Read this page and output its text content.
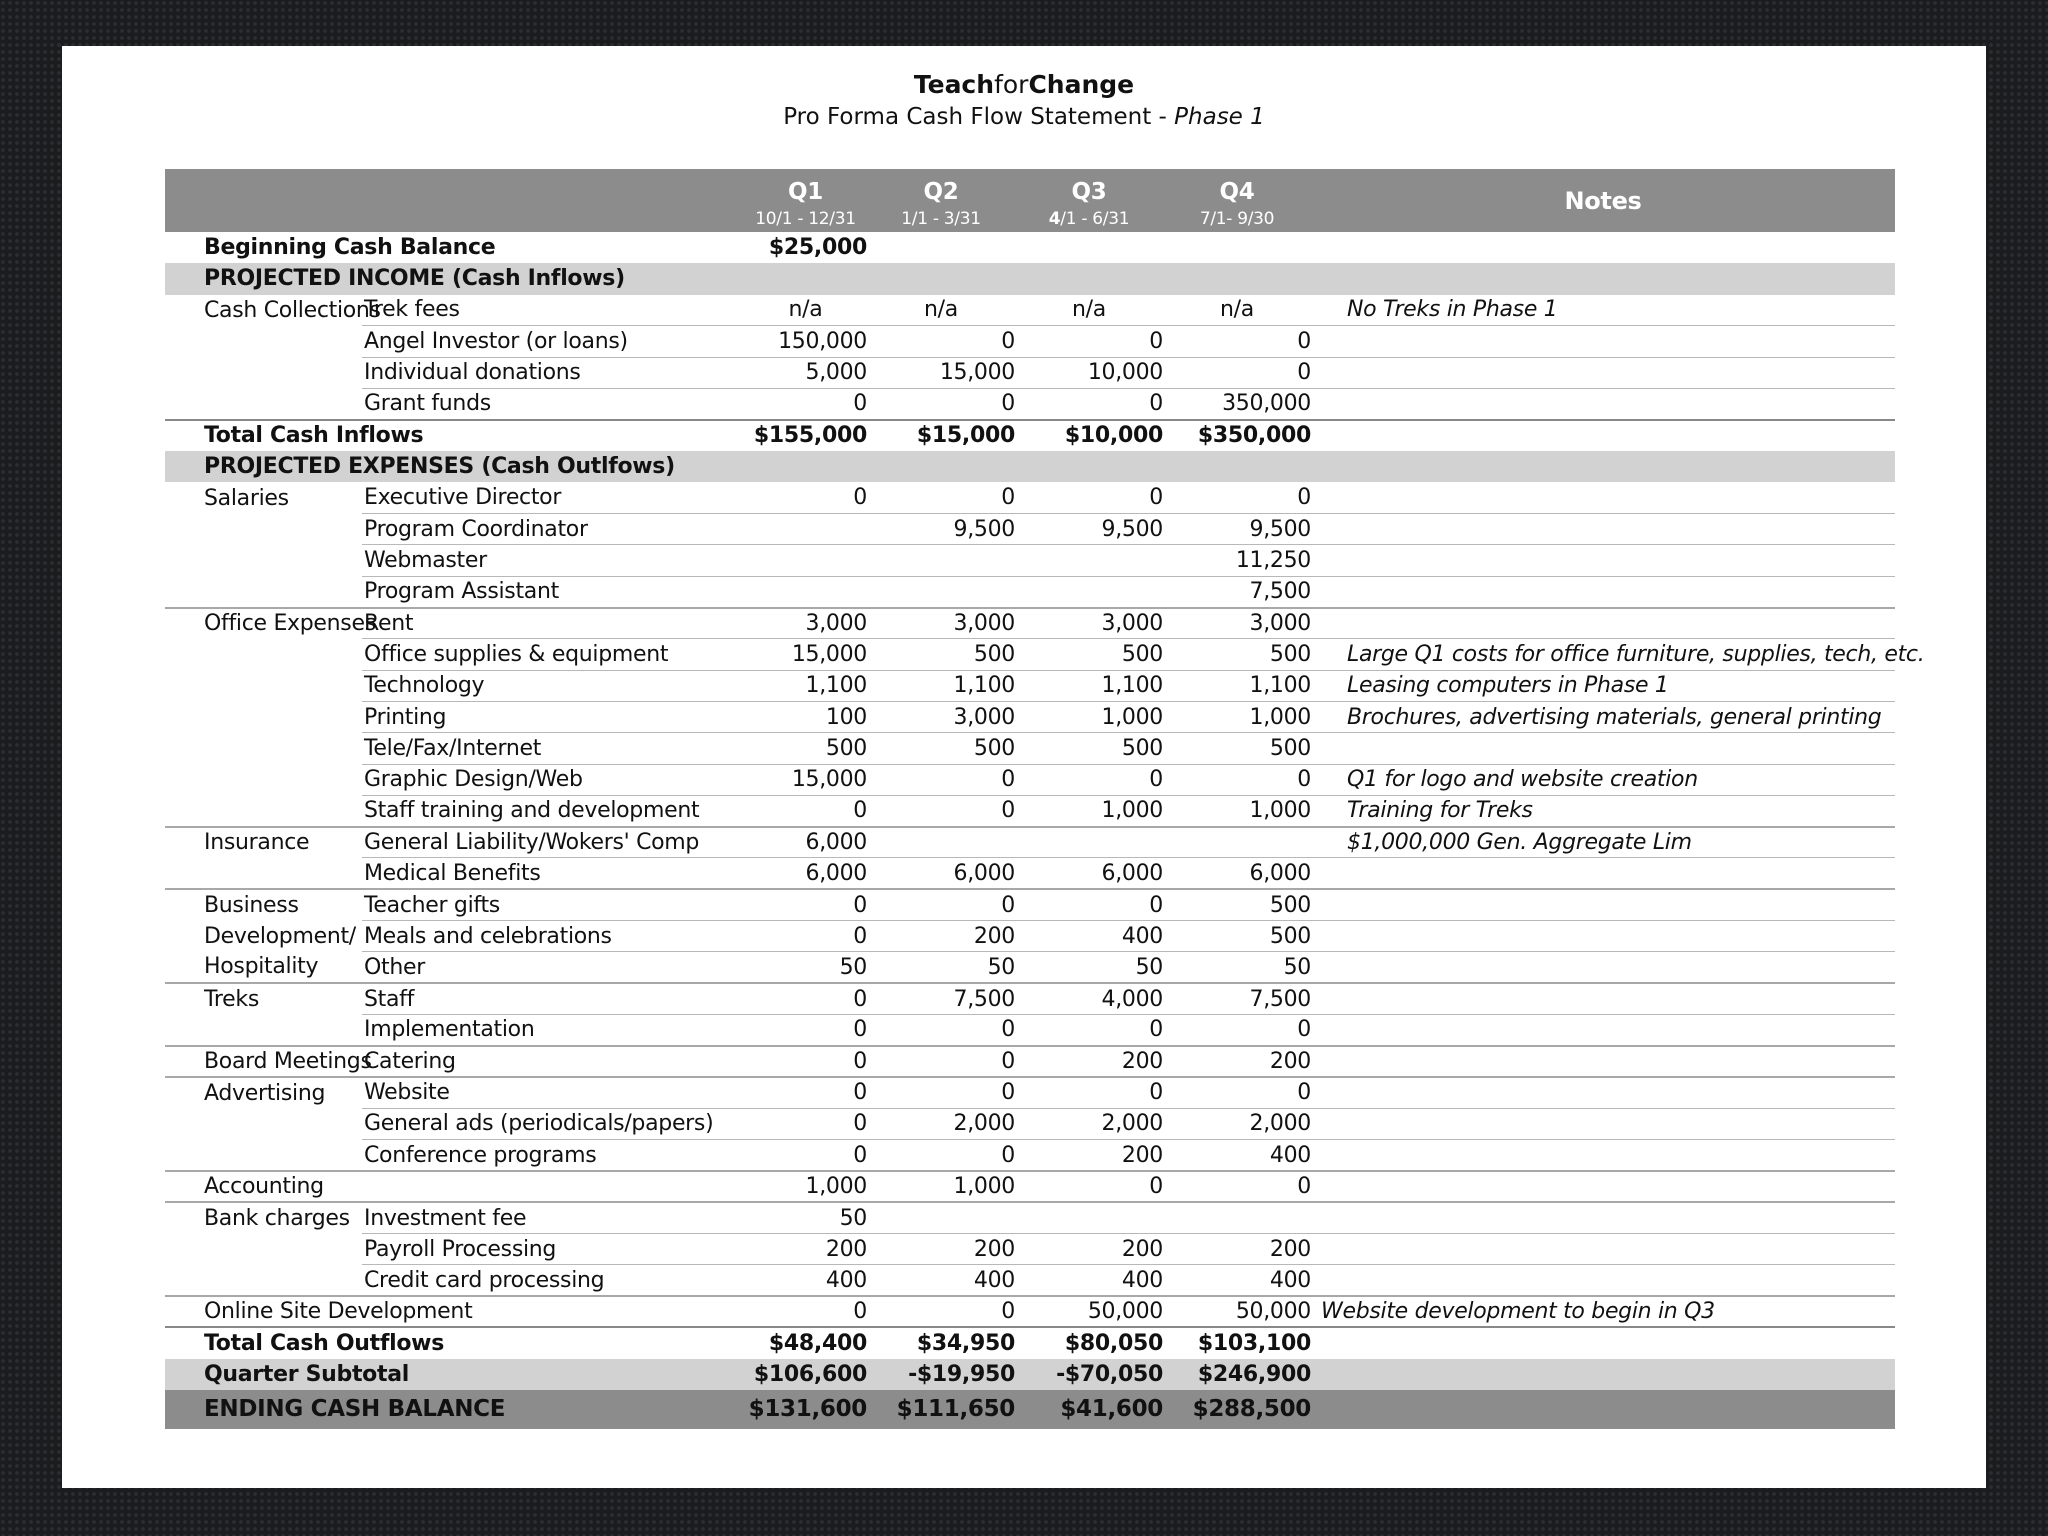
TeachforChange
Pro Forma Cash Flow Statement - Phase 1
		Q1	Q2	Q3	Q4	Notes
		10/1 - 12/31	1/1 - 3/31	4/1 - 6/31	7/1- 9/30	
Beginning Cash Balance		$25,000				
PROJECTED INCOME (Cash Inflows)						
Cash Collections	Trek fees	n/a	n/a	n/a	n/a	No Treks in Phase 1
	Angel Investor (or loans)	150,000	0	0	0	
	Individual donations	5,000	15,000	10,000	0	
	Grant funds	0	0	0	350,000	
Total Cash Inflows		$155,000	$15,000	$10,000	$350,000	
PROJECTED EXPENSES (Cash Outlfows)						
Salaries	Executive Director	0	0	0	0	
	Program Coordinator		9,500	9,500	9,500	
	Webmaster				11,250	
	Program Assistant				7,500	
Office Expenses	Rent	3,000	3,000	3,000	3,000	
	Office supplies & equipment	15,000	500	500	500	Large Q1 costs for office furniture, supplies, tech, etc.
	Technology	1,100	1,100	1,100	1,100	Leasing computers in Phase 1
	Printing	100	3,000	1,000	1,000	Brochures, advertising materials, general printing
	Tele/Fax/Internet	500	500	500	500	
	Graphic Design/Web	15,000	0	0	0	Q1 for logo and website creation
	Staff training and development	0	0	1,000	1,000	Training for Treks
Insurance	General Liability/Wokers' Comp	6,000				$1,000,000 Gen. Aggregate Lim
	Medical Benefits	6,000	6,000	6,000	6,000	
Business	Teacher gifts	0	0	0	500	
Development/	Meals and celebrations	0	200	400	500	
Hospitality	Other	50	50	50	50	
Treks	Staff	0	7,500	4,000	7,500	
	Implementation	0	0	0	0	
Board Meetings	Catering	0	0	200	200	
Advertising	Website	0	0	0	0	
	General ads (periodicals/papers)	0	2,000	2,000	2,000	
	Conference programs	0	0	200	400	
Accounting		1,000	1,000	0	0	
Bank charges	Investment fee	50				
	Payroll Processing	200	200	200	200	
	Credit card processing	400	400	400	400	
Online Site Development		0	0	50,000	50,000	Website development to begin in Q3
Total Cash Outflows		$48,400	$34,950	$80,050	$103,100	
Quarter Subtotal		$106,600	-$19,950	-$70,050	$246,900	
ENDING CASH BALANCE		$131,600	$111,650	$41,600	$288,500	
